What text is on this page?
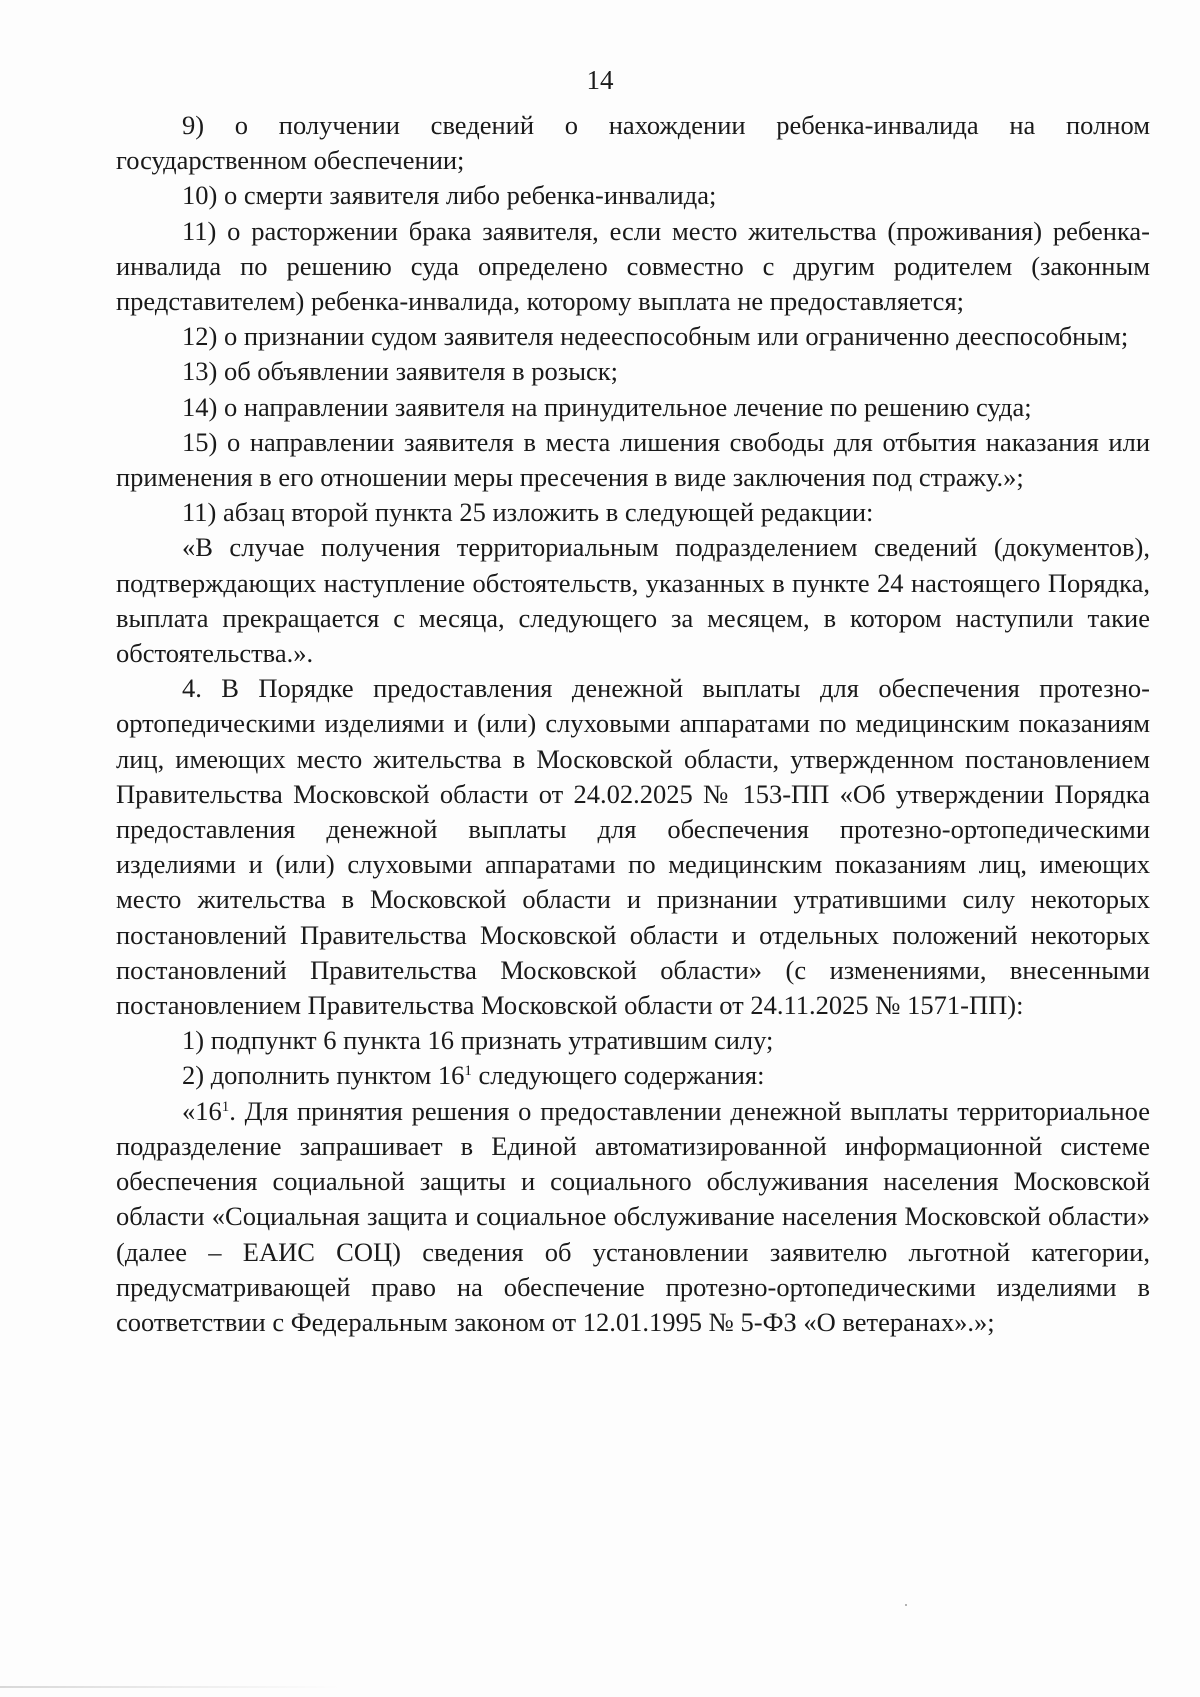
14

9) о получении сведений о нахождении ребенка-инвалида на полном государственном обеспечении;

10) о смерти заявителя либо ребенка-инвалида;

11) о расторжении брака заявителя, если место жительства (проживания) ребенка-инвалида по решению суда определено совместно с другим родителем (законным представителем) ребенка-инвалида, которому выплата не предоставляется;

12) о признании судом заявителя недееспособным или ограниченно дееспособным;

13) об объявлении заявителя в розыск;

14) о направлении заявителя на принудительное лечение по решению суда;

15) о направлении заявителя в места лишения свободы для отбытия наказания или применения в его отношении меры пресечения в виде заключения под стражу.»;

11) абзац второй пункта 25 изложить в следующей редакции:

«В случае получения территориальным подразделением сведений (документов), подтверждающих наступление обстоятельств, указанных в пункте 24 настоящего Порядка, выплата прекращается с месяца, следующего за месяцем, в котором наступили такие обстоятельства.».

4. В Порядке предоставления денежной выплаты для обеспечения протезно-ортопедическими изделиями и (или) слуховыми аппаратами по медицинским показаниям лиц, имеющих место жительства в Московской области, утвержденном постановлением Правительства Московской области от 24.02.2025 № 153-ПП «Об утверждении Порядка предоставления денежной выплаты для обеспечения протезно-ортопедическими изделиями и (или) слуховыми аппаратами по медицинским показаниям лиц, имеющих место жительства в Московской области и признании утратившими силу некоторых постановлений Правительства Московской области и отдельных положений некоторых постановлений Правительства Московской области» (с изменениями, внесенными постановлением Правительства Московской области от 24.11.2025 № 1571-ПП):

1) подпункт 6 пункта 16 признать утратившим силу;

2) дополнить пунктом $16^1$ следующего содержания:

«$16^1$. Для принятия решения о предоставлении денежной выплаты территориальное подразделение запрашивает в Единой автоматизированной информационной системе обеспечения социальной защиты и социального обслуживания населения Московской области «Социальная защита и социальное обслуживание населения Московской области» (далее – ЕАИС СОЦ) сведения об установлении заявителю льготной категории, предусматривающей право на обеспечение протезно-ортопедическими изделиями в соответствии с Федеральным законом от 12.01.1995 № 5-ФЗ «О ветеранах».»;
